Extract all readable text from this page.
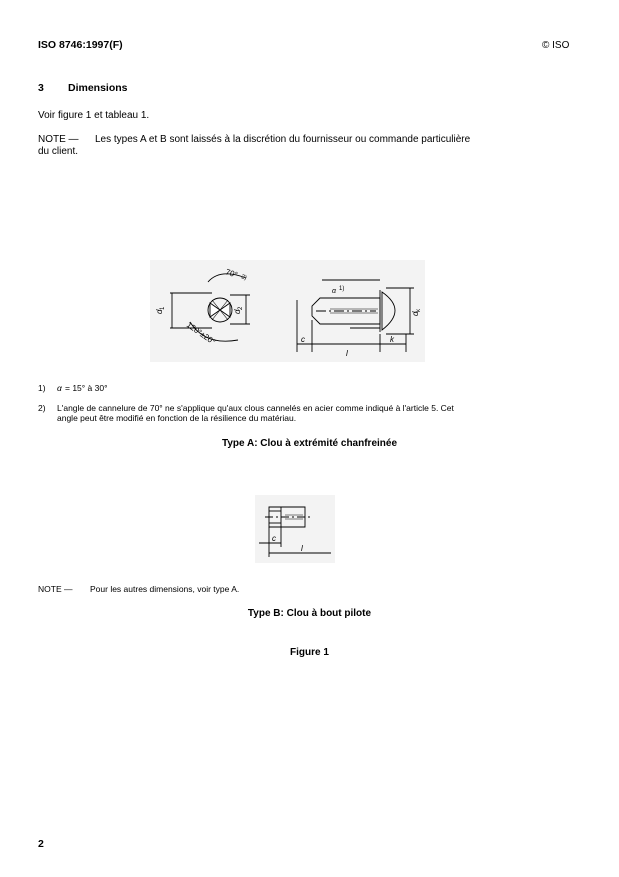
ISO 8746:1997(F)	© ISO
3 Dimensions
Voir figure 1 et tableau 1.
NOTE — Les types A et B sont laissés à la discrétion du fournisseur ou commande particulière
du client.
70° 2)
120°±20°
d
1
d
2
α 1)
d
k
c
l
k
1) α = 15° à 30°
2) L'angle de cannelure de 70° ne s'applique qu'aux clous cannelés en acier comme indiqué à l'article 5. Cet
angle peut être modifié en fonction de la résilience du matériau.
Type A: Clou à extrémité chanfreinée
c
l
NOTE — Pour les autres dimensions, voir type A.
Type B: Clou à bout pilote
Figure 1
2
